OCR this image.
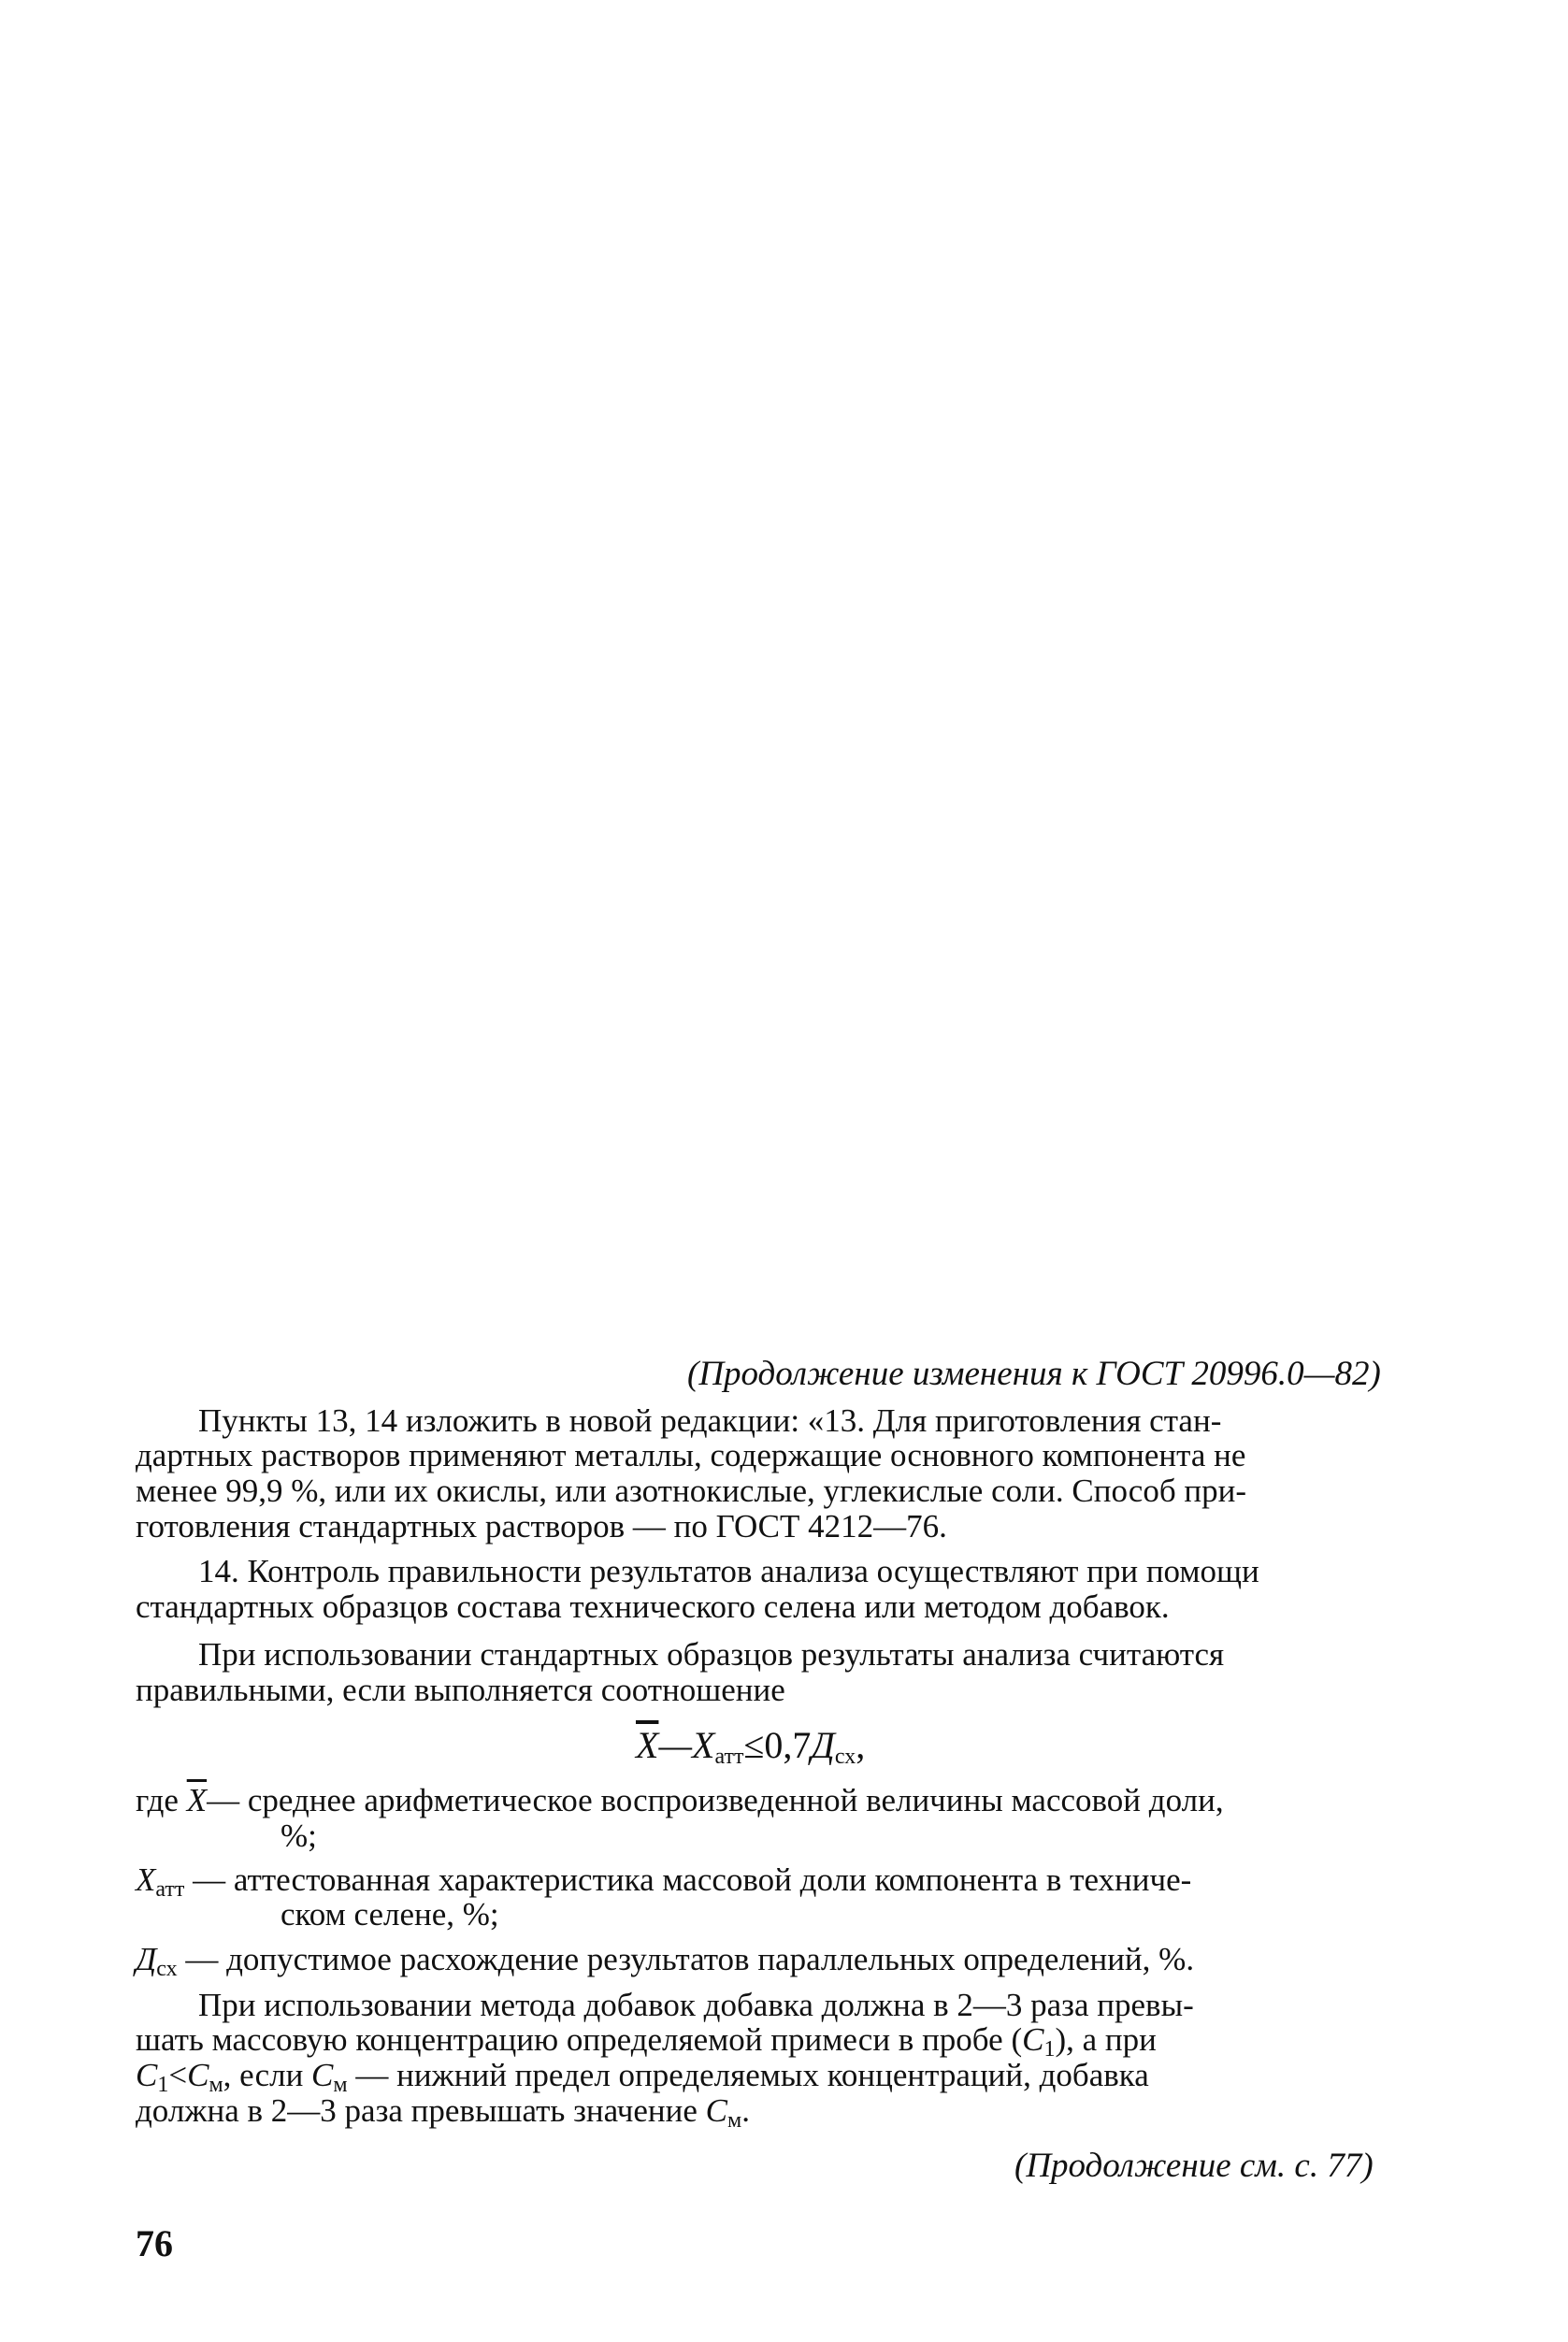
(Продолжение изменения к ГОСТ 20996.0—82)
Пункты 13, 14 изложить в новой редакции: «13. Для приготовления стан-
дартных растворов применяют металлы, содержащие основного компонента не
менее 99,9 %, или их окислы, или азотнокислые, углекислые соли. Способ при-
готовления стандартных растворов — по ГОСТ 4212—76.
14. Контроль правильности результатов анализа осуществляют при помощи
стандартных образцов состава технического селена или методом добавок.
При использовании стандартных образцов результаты анализа считаются
правильными, если выполняется соотношение
$\overline{X}—X_{атт}\le 0,7Д_{сх}$,
где $\overline{X}—$ среднее арифметическое воспроизведенной величины массовой доли,
%;
$X_{атт}$ — аттестованная характеристика массовой доли компонента в техниче-
ском селене, %;
$Д_{сх}$ — допустимое расхождение результатов параллельных определений, %.
При использовании метода добавок добавка должна в 2—3 раза превы-
шать массовую концентрацию определяемой примеси в пробе $(C_1)$, а при
$C_1<C_м$, если $C_м$ — нижний предел определяемых концентраций, добавка
должна в 2—3 раза превышать значение $C_м$.
(Продолжение см. с. 77)
76
